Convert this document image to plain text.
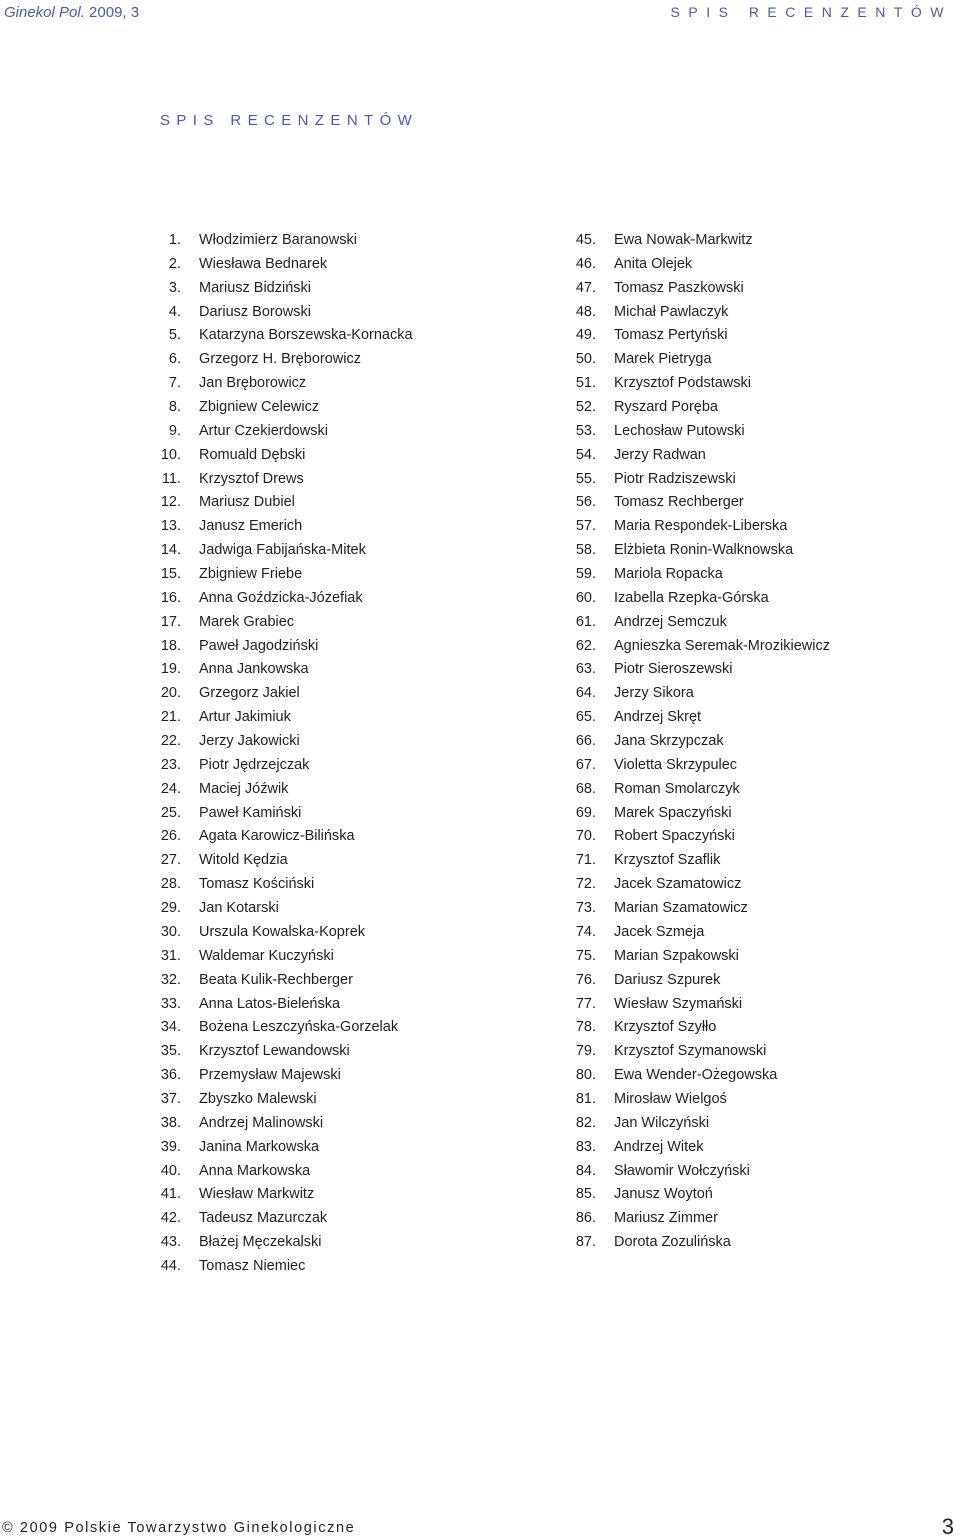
Ginekol Pol. 2009, 3	SPIS RECENZENTÓW
SPIS RECENZENTÓW
1. Włodzimierz Baranowski
2. Wiesława Bednarek
3. Mariusz Bidziński
4. Dariusz Borowski
5. Katarzyna Borszewska-Kornacka
6. Grzegorz H. Bręborowicz
7. Jan Bręborowicz
8. Zbigniew Celewicz
9. Artur Czekierdowski
10. Romuald Dębski
11. Krzysztof Drews
12. Mariusz Dubiel
13. Janusz Emerich
14. Jadwiga Fabijańska-Mitek
15. Zbigniew Friebe
16. Anna Goździcka-Józefiak
17. Marek Grabiec
18. Paweł Jagodziński
19. Anna Jankowska
20. Grzegorz Jakiel
21. Artur Jakimiuk
22. Jerzy Jakowicki
23. Piotr Jędrzejczak
24. Maciej Jóźwik
25. Paweł Kamiński
26. Agata Karowicz-Bilińska
27. Witold Kędzia
28. Tomasz Kościński
29. Jan Kotarski
30. Urszula Kowalska-Koprek
31. Waldemar Kuczyński
32. Beata Kulik-Rechberger
33. Anna Latos-Bieleńska
34. Bożena Leszczyńska-Gorzelak
35. Krzysztof Lewandowski
36. Przemysław Majewski
37. Zbyszko Malewski
38. Andrzej Malinowski
39. Janina Markowska
40. Anna Markowska
41. Wiesław Markwitz
42. Tadeusz Mazurczak
43. Błażej Męczekalski
44. Tomasz Niemiec
45. Ewa Nowak-Markwitz
46. Anita Olejek
47. Tomasz Paszkowski
48. Michał Pawlaczyk
49. Tomasz Pertyński
50. Marek Pietryga
51. Krzysztof Podstawski
52. Ryszard Poręba
53. Lechosław Putowski
54. Jerzy Radwan
55. Piotr Radziszewski
56. Tomasz Rechberger
57. Maria Respondek-Liberska
58. Elżbieta Ronin-Walknowska
59. Mariola Ropacka
60. Izabella Rzepka-Górska
61. Andrzej Semczuk
62. Agnieszka Seremak-Mrozikiewicz
63. Piotr Sieroszewski
64. Jerzy Sikora
65. Andrzej Skręt
66. Jana Skrzypczak
67. Violetta Skrzypulec
68. Roman Smolarczyk
69. Marek Spaczyński
70. Robert Spaczyński
71. Krzysztof Szaflik
72. Jacek Szamatowicz
73. Marian Szamatowicz
74. Jacek Szmeja
75. Marian Szpakowski
76. Dariusz Szpurek
77. Wiesław Szymański
78. Krzysztof Szyłło
79. Krzysztof Szymanowski
80. Ewa Wender-Ożegowska
81. Mirosław Wielgoś
82. Jan Wilczyński
83. Andrzej Witek
84. Sławomir Wołczyński
85. Janusz Woytoń
86. Mariusz Zimmer
87. Dorota Zozulińska
© 2009 Polskie Towarzystwo Ginekologiczne	3
